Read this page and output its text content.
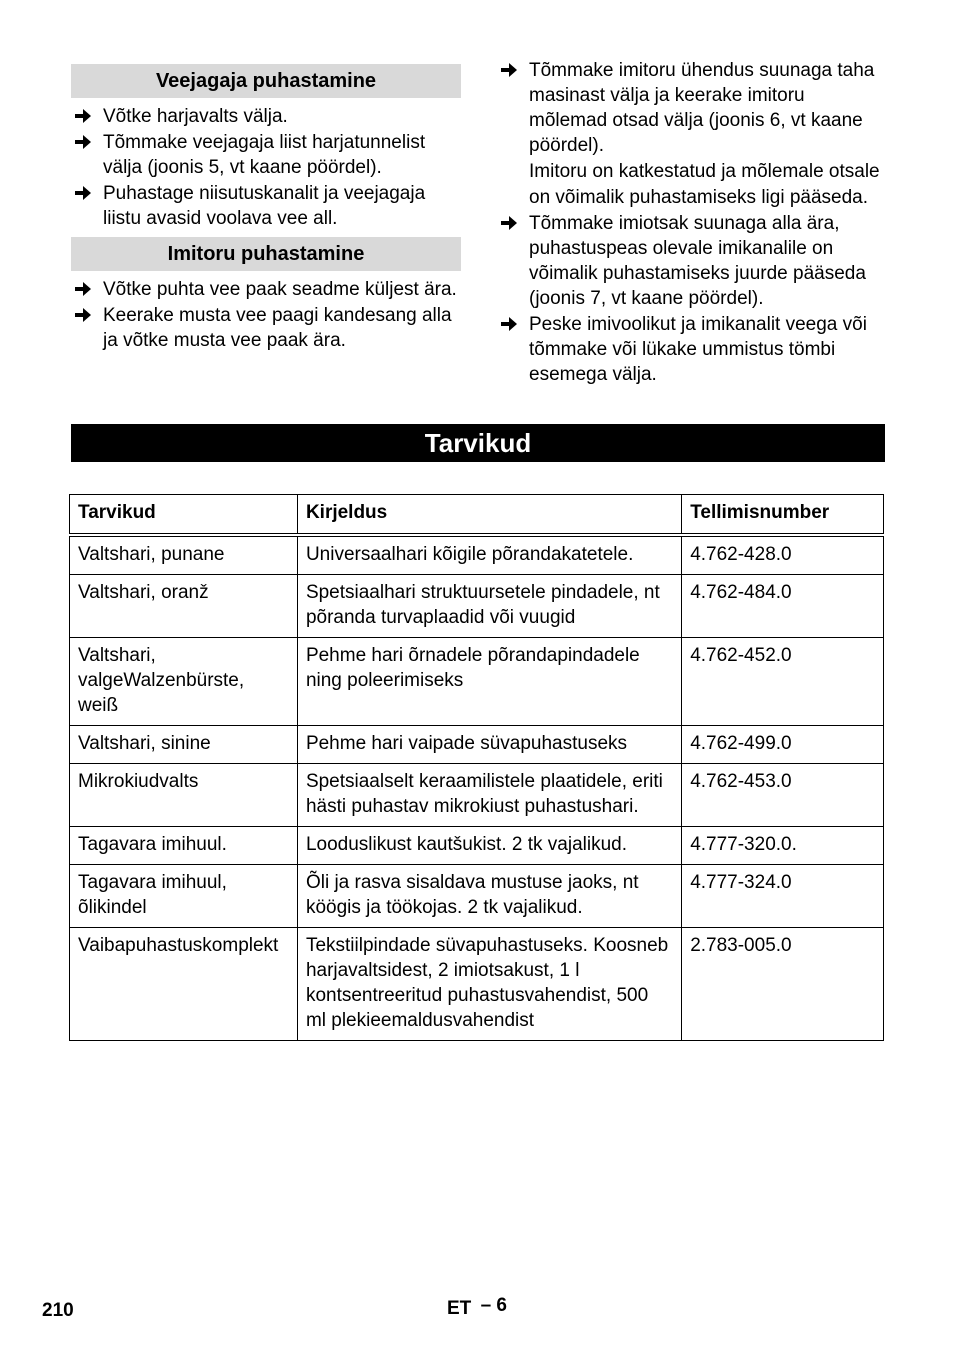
Veejagaja puhastamine
Võtke harjavalts välja.
Tõmmake veejagaja liist harjatunnelist välja (joonis 5, vt kaane pöördel).
Puhastage niisutuskanalit ja veejagaja liistu avasid voolava vee all.
Imitoru puhastamine
Võtke puhta vee paak seadme küljest ära.
Keerake musta vee paagi kandesang alla ja võtke musta vee paak ära.
Tõmmake imitoru ühendus suunaga taha masinast välja ja keerake imitoru mõlemad otsad välja (joonis 6, vt kaane pöördel).
Imitoru on katkestatud ja mõlemale otsale on võimalik puhastamiseks ligi pääseda.
Tõmmake imiotsak suunaga alla ära, puhastuspeas olevale imikanalile on võimalik puhastamiseks juurde pääseda (joonis 7, vt kaane pöördel).
Peske imivoolikut ja imikanalit veega või tõmmake või lükake ummistus tömbi esemega välja.
Tarvikud
Tarvikud	Kirjeldus	Tellimisnumber
Valtshari, punane	Universaalhari kõigile põrandakatetele.	4.762-428.0
Valtshari, oranž	Spetsiaalhari struktuursetele pindadele, nt põranda turvaplaadid või vuugid	4.762-484.0
Valtshari, valgeWalzenbürste, weiß	Pehme hari õrnadele põrandapindadele ning poleerimiseks	4.762-452.0
Valtshari, sinine	Pehme hari vaipade süvapuhastuseks	4.762-499.0
Mikrokiudvalts	Spetsiaalselt keraamilistele plaatidele, eriti hästi puhastav mikrokiust puhastushari.	4.762-453.0
Tagavara imihuul.	Looduslikust kautšukist. 2 tk vajalikud.	4.777-320.0.
Tagavara imihuul, õlikindel	Õli ja rasva sisaldava mustuse jaoks, nt köögis ja töökojas. 2 tk vajalikud.	4.777-324.0
Vaibapuhastuskomplekt	Tekstiilpindade süvapuhastuseks. Koosneb harjavaltsidest, 2 imiotsakust, 1 l kontsentreeritud puhastusvahendist, 500 ml plekieemaldusvahendist	2.783-005.0
210	ET – 6
